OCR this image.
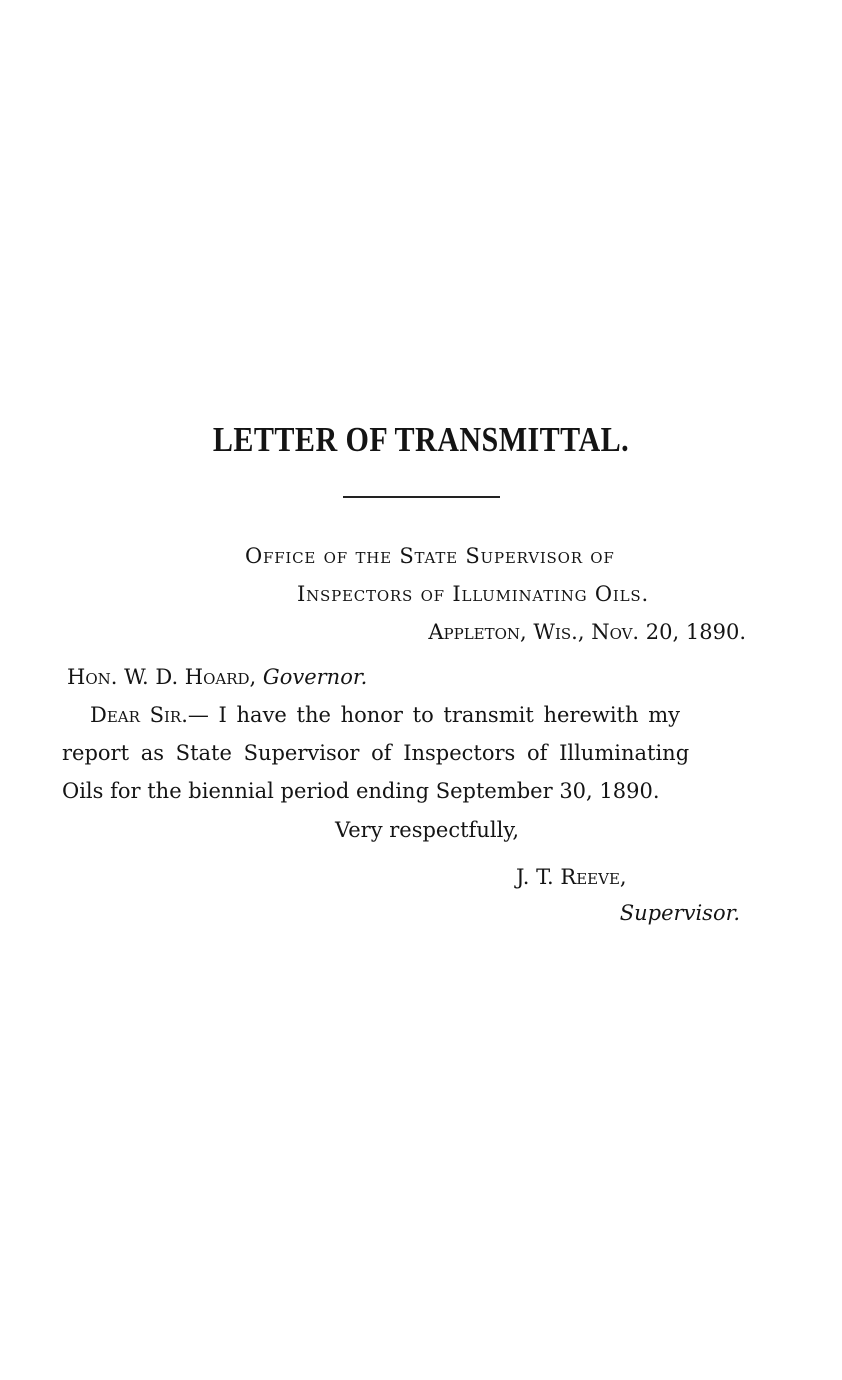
LETTER OF TRANSMITTAL.
Office of the State Supervisor of
Inspectors of Illuminating Oils.
Appleton, Wis., Nov. 20, 1890.
Hon. W. D. Hoard, Governor.
Dear Sir.— I have the honor to transmit herewith my
report as State Supervisor of Inspectors of Illuminating
Oils for the biennial period ending September 30, 1890.
Very respectfully,
J. T. Reeve,
Supervisor.
